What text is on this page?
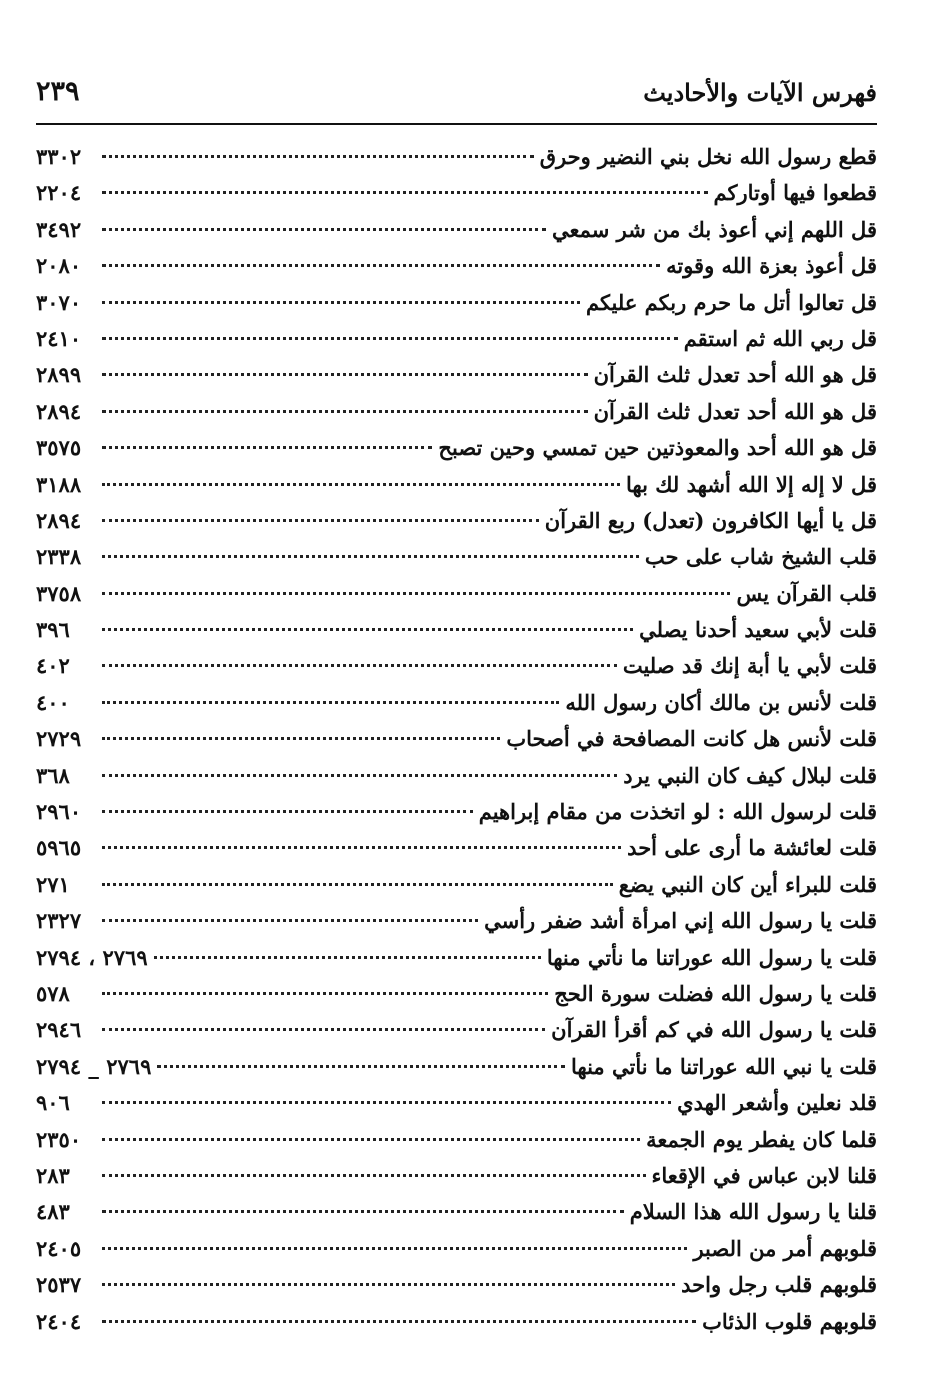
فهرس الآيات والأحاديث
٢٣٩
قطع رسول الله نخل بني النضير وحرق
٣٣٠٢
قطعوا فيها أوتاركم
٢٢٠٤
قل اللهم إني أعوذ بك من شر سمعي
٣٤٩٢
قل أعوذ بعزة الله وقوته
٢٠٨٠
قل تعالوا أتل ما حرم ربكم عليكم
٣٠٧٠
قل ربي الله ثم استقم
٢٤١٠
قل هو الله أحد تعدل ثلث القرآن
٢٨٩٩
قل هو الله أحد تعدل ثلث القرآن
٢٨٩٤
قل هو الله أحد والمعوذتين حين تمسي وحين تصبح
٣٥٧٥
قل لا إله إلا الله أشهد لك بها
٣١٨٨
قل يا أيها الكافرون (تعدل) ربع القرآن
٢٨٩٤
قلب الشيخ شاب على حب
٢٣٣٨
قلب القرآن يس
٣٧٥٨
قلت لأبي سعيد أحدنا يصلي
٣٩٦
قلت لأبي يا أبة إنك قد صليت
٤٠٢
قلت لأنس بن مالك أكان رسول الله
٤٠٠
قلت لأنس هل كانت المصافحة في أصحاب
٢٧٢٩
قلت لبلال كيف كان النبي يرد
٣٦٨
قلت لرسول الله : لو اتخذت من مقام إبراهيم
٢٩٦٠
قلت لعائشة ما أرى على أحد
٥٩٦٥
قلت للبراء أين كان النبي يضع
٢٧١
قلت يا رسول الله إني امرأة أشد ضفر رأسي
٢٣٢٧
قلت يا رسول الله عوراتنا ما نأتي منها
٢٧٦٩ ، ٢٧٩٤
قلت يا رسول الله فضلت سورة الحج
٥٧٨
قلت يا رسول الله في كم أقرأ القرآن
٢٩٤٦
قلت يا نبي الله عوراتنا ما نأتي منها
٢٧٦٩ _ ٢٧٩٤
قلد نعلين وأشعر الهدي
٩٠٦
قلما كان يفطر يوم الجمعة
٢٣٥٠
قلنا لابن عباس في الإقعاء
٢٨٣
قلنا يا رسول الله هذا السلام
٤٨٣
قلوبهم أمر من الصبر
٢٤٠٥
قلوبهم قلب رجل واحد
٢٥٣٧
قلوبهم قلوب الذئاب
٢٤٠٤
